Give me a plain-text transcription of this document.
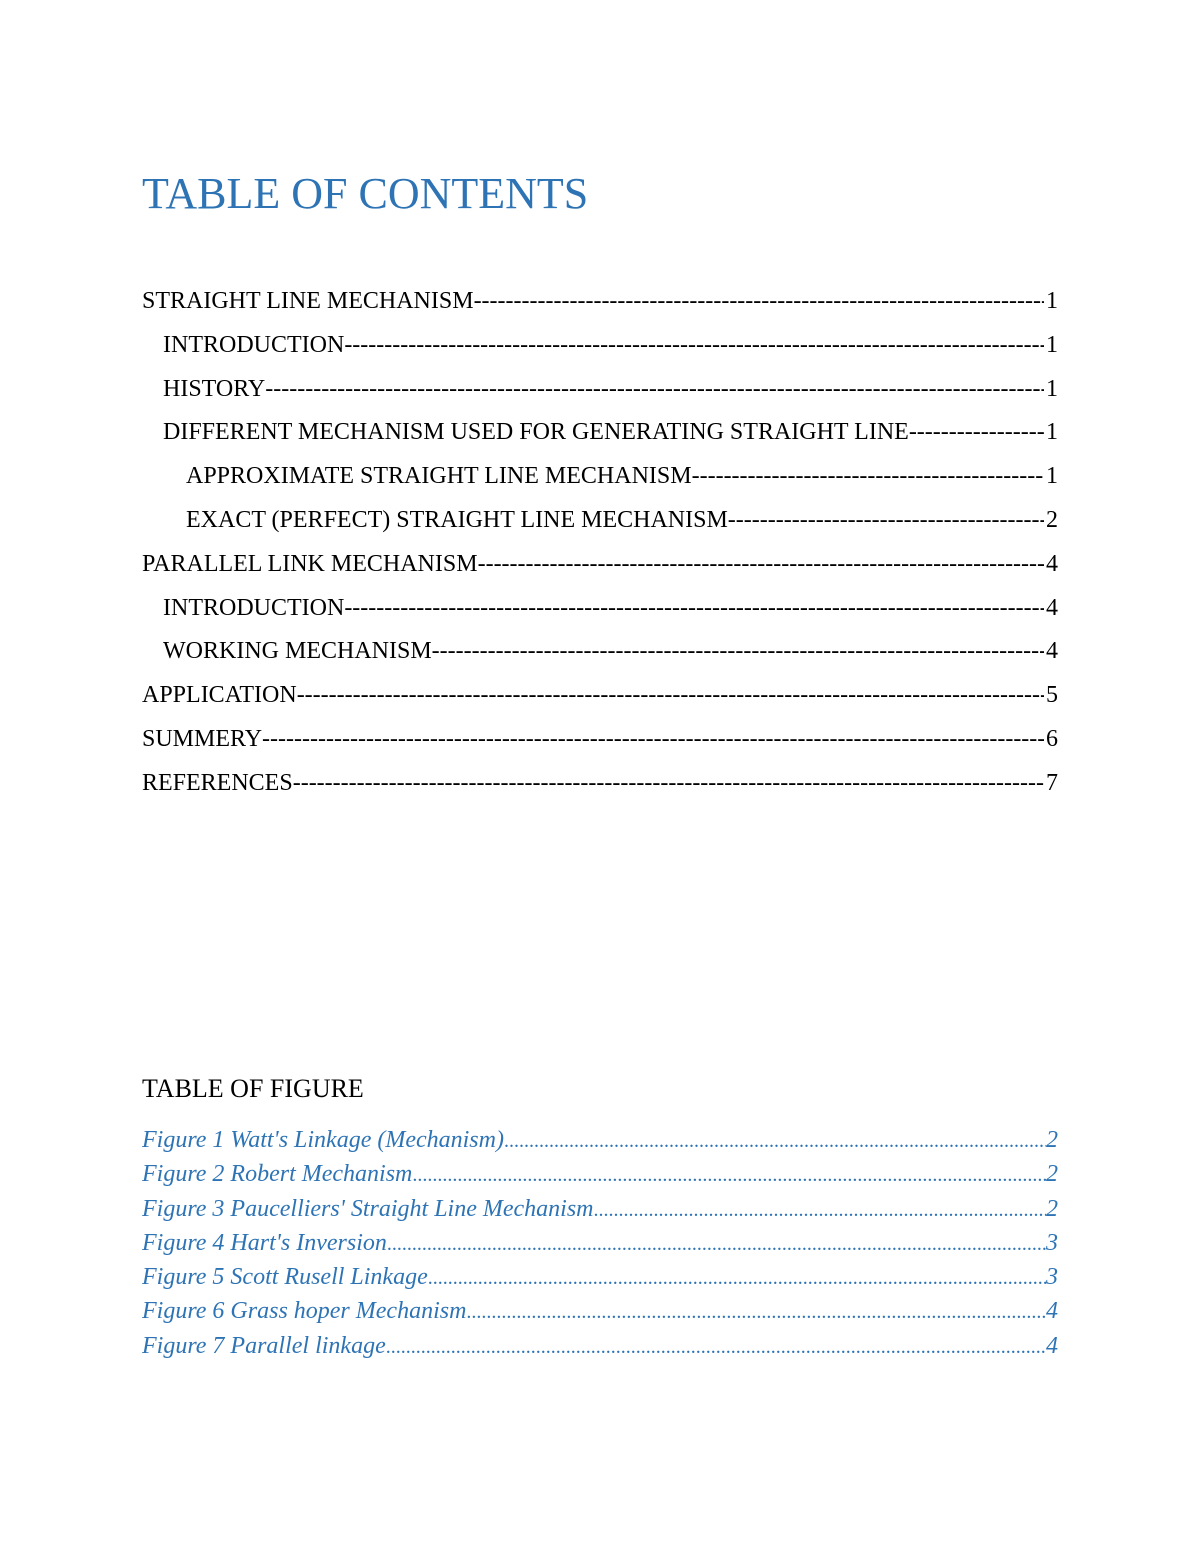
TABLE OF CONTENTS
STRAIGHT LINE MECHANISM -----	1
INTRODUCTION -----	1
HISTORY -----	1
DIFFERENT MECHANISM USED FOR GENERATING STRAIGHT LINE -----	1
APPROXIMATE STRAIGHT LINE MECHANISM -----	1
EXACT (PERFECT) STRAIGHT LINE MECHANISM -----	2
PARALLEL LINK MECHANISM -----	4
INTRODUCTION -----	4
WORKING MECHANISM -----	4
APPLICATION -----	5
SUMMERY -----	6
REFERENCES -----	7
TABLE OF FIGURE
Figure 1 Watt's Linkage (Mechanism) .....	2
Figure 2 Robert Mechanism .....	2
Figure 3 Paucelliers' Straight Line Mechanism .....	2
Figure 4 Hart's Inversion .....	3
Figure 5 Scott Rusell Linkage .....	3
Figure 6 Grass hoper Mechanism .....	4
Figure 7 Parallel linkage .....	4
